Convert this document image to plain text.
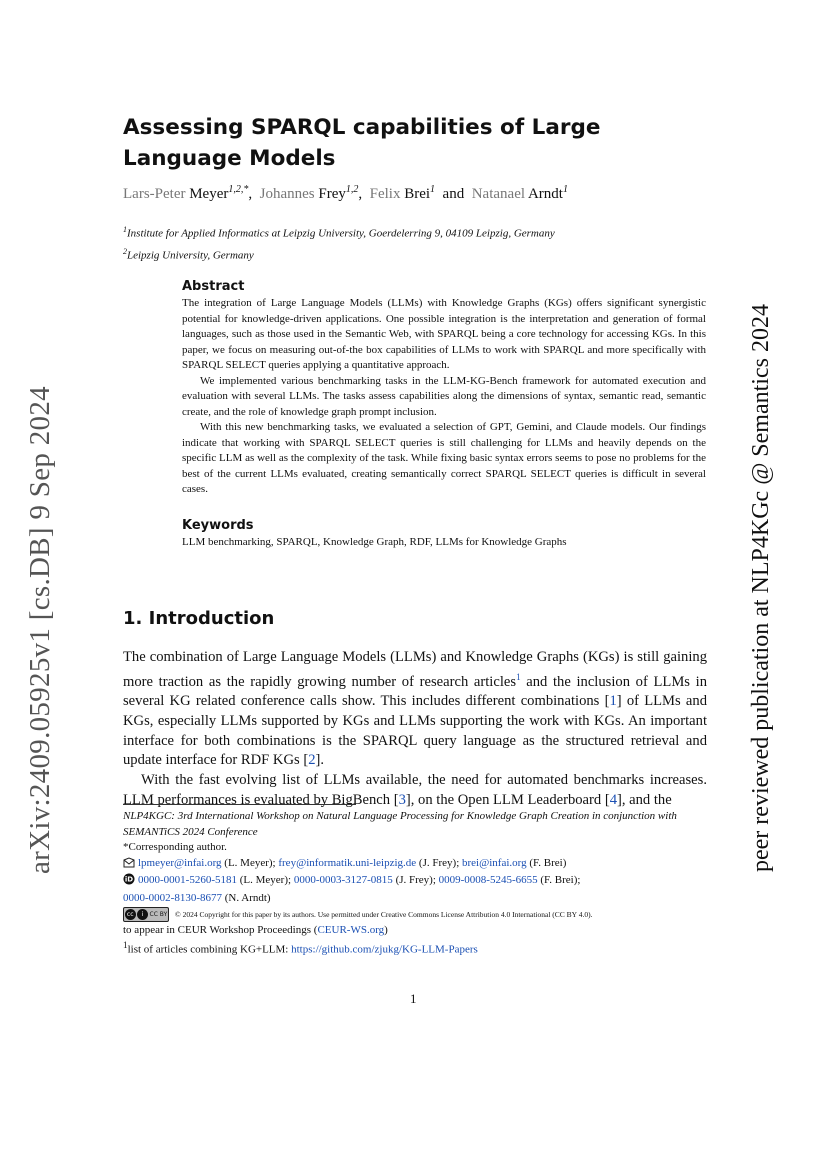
arXiv:2409.05925v1 [cs.DB] 9 Sep 2024	peer reviewed publication at NLP4KGc @ Semantics 2024
Assessing SPARQL capabilities of Large Language Models
Lars-Peter Meyer$^{1,2,*}$, Johannes Frey$^{1,2}$, Felix Brei$^1$ and Natanael Arndt$^1$
$^1$Institute for Applied Informatics at Leipzig University, Goerdelerring 9, 04109 Leipzig, Germany
$^2$Leipzig University, Germany
Abstract

The integration of Large Language Models (LLMs) with Knowledge Graphs (KGs) offers significant synergistic potential for knowledge-driven applications. One possible integration is the interpretation and generation of formal languages, such as those used in the Semantic Web, with SPARQL being a core technology for accessing KGs. In this paper, we focus on measuring out-of-the box capabilities of LLMs to work with SPARQL and more specifically with SPARQL SELECT queries applying a quantitative approach.

We implemented various benchmarking tasks in the LLM-KG-Bench framework for automated execution and evaluation with several LLMs. The tasks assess capabilities along the dimensions of syntax, semantic read, semantic create, and the role of knowledge graph prompt inclusion.

With this new benchmarking tasks, we evaluated a selection of GPT, Gemini, and Claude models. Our findings indicate that working with SPARQL SELECT queries is still challenging for LLMs and heavily depends on the specific LLM as well as the complexity of the task. While fixing basic syntax errors seems to pose no problems for the best of the current LLMs evaluated, creating semantically correct SPARQL SELECT queries is difficult in several cases.

Keywords

LLM benchmarking, SPARQL, Knowledge Graph, RDF, LLMs for Knowledge Graphs

1. Introduction

The combination of Large Language Models (LLMs) and Knowledge Graphs (KGs) is still gaining more traction as the rapidly growing number of research articles$^1$ and the inclusion of LLMs in several KG related conference calls show. This includes different combinations [1] of LLMs and KGs, especially LLMs supported by KGs and LLMs supporting the work with KGs. An important interface for both combinations is the SPARQL query language as the structured retrieval and update interface for RDF KGs [2].

With the fast evolving list of LLMs available, the need for automated benchmarks increases. LLM performances is evaluated by BigBench [3], on the Open LLM Leaderboard [4], and the

NLP4KGC: 3rd International Workshop on Natural Language Processing for Knowledge Graph Creation in conjunction with SEMANTiCS 2024 Conference

*Corresponding author.

lpmeyer@infai.org (L. Meyer); frey@informatik.uni-leipzig.de (J. Frey); brei@infai.org (F. Brei)

iD 0000-0001-5260-5181 (L. Meyer); 0000-0003-3127-0815 (J. Frey); 0009-0008-5245-6655 (F. Brei);
0000-0002-8130-8677 (N. Arndt)

cc	i	CC BY © 2024 Copyright for this paper by its authors. Use permitted under Creative Commons License Attribution 4.0 International (CC BY 4.0).

to appear in CEUR Workshop Proceedings (CEUR-WS.org)

$^1$list of articles combining KG+LLM: https://github.com/zjukg/KG-LLM-Papers

1
